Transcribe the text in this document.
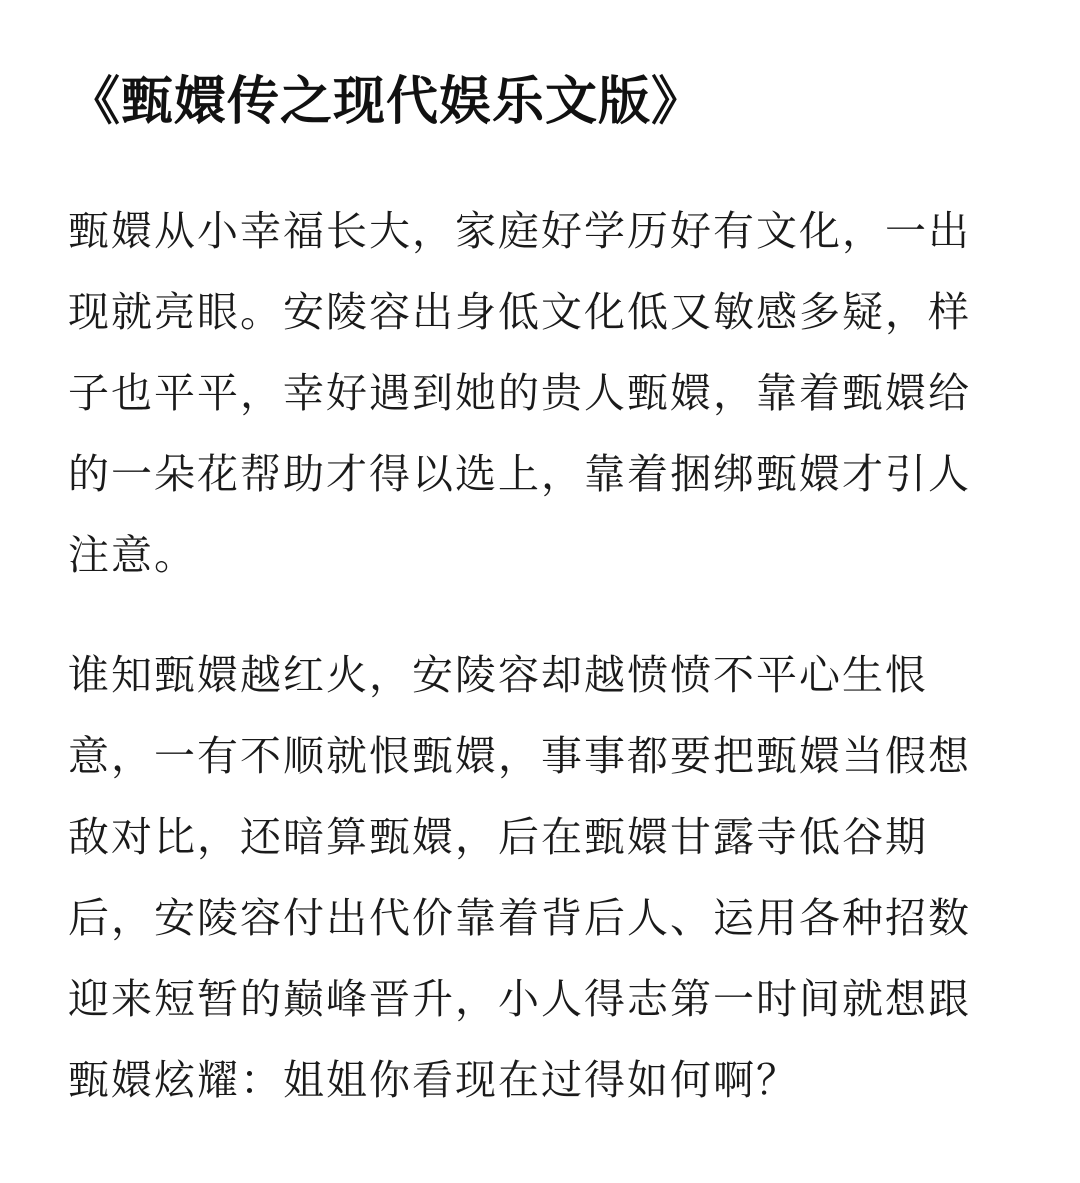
《甄嬛传之现代娱乐文版》

甄嬛从小幸福长大，家庭好学历好有文化，一出
现就亮眼。安陵容出身低文化低又敏感多疑，样
子也平平，幸好遇到她的贵人甄嬛，靠着甄嬛给
的一朵花帮助才得以选上，靠着捆绑甄嬛才引人
注意。

谁知甄嬛越红火，安陵容却越愤愤不平心生恨
意，一有不顺就恨甄嬛，事事都要把甄嬛当假想
敌对比，还暗算甄嬛，后在甄嬛甘露寺低谷期
后，安陵容付出代价靠着背后人、运用各种招数
迎来短暂的巅峰晋升，小人得志第一时间就想跟
甄嬛炫耀：姐姐你看现在过得如何啊？
